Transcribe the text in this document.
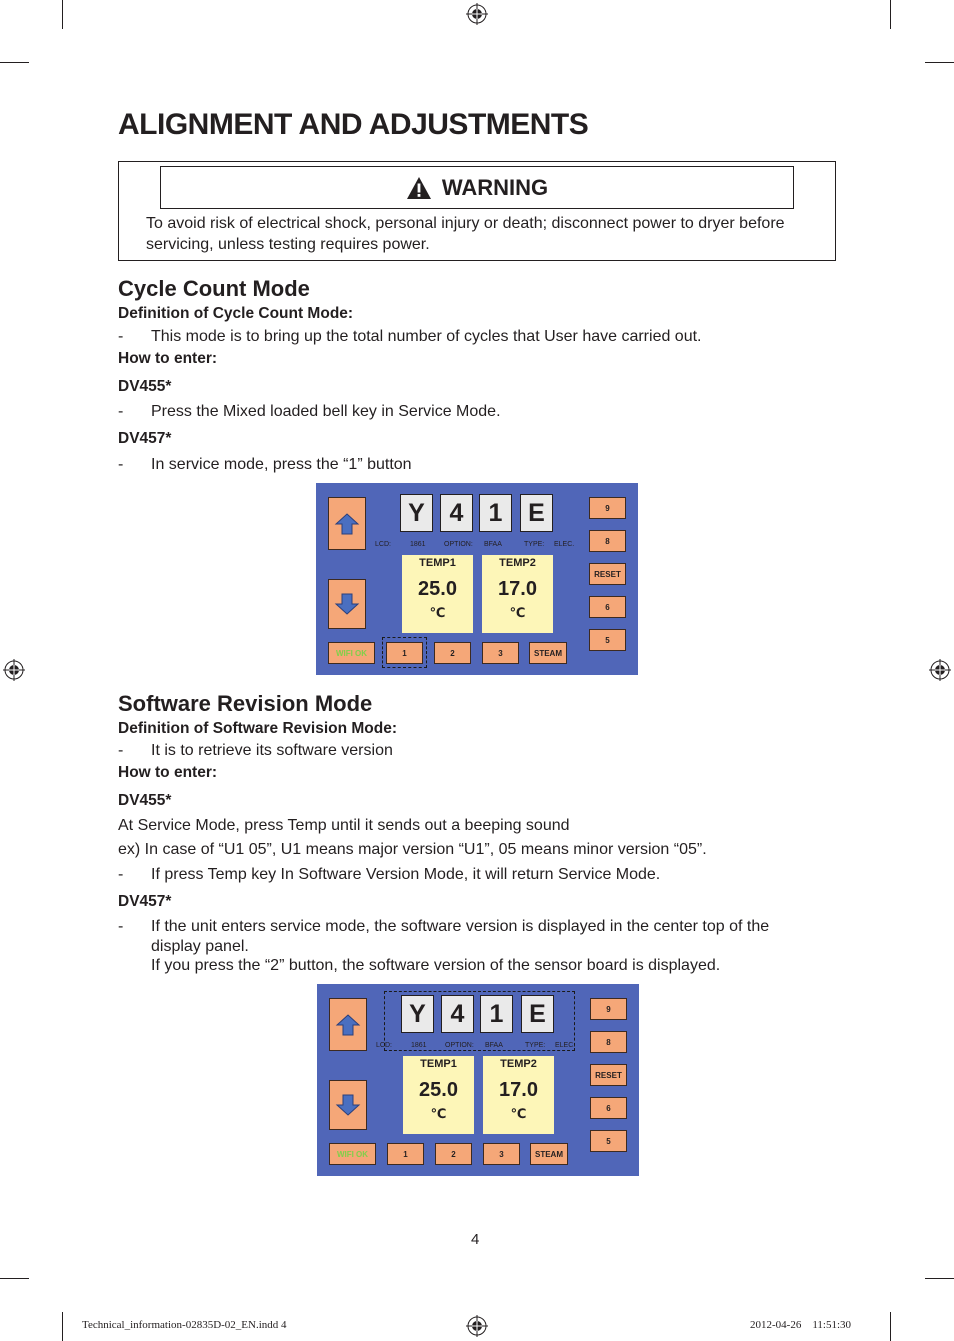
ALIGNMENT AND ADJUSTMENTS
WARNING
To avoid risk of electrical shock, personal injury or death; disconnect power to dryer before
servicing, unless testing requires power.
Cycle Count Mode
Definition of Cycle Count Mode:
- This mode is to bring up the total number of cycles that User have carried out.
How to enter:
DV455*
- Press the Mixed loaded bell key in Service Mode.
DV457*
- In service mode, press the “1” button
Y 4	1	E
LCD:	1861	OPTION: BFAA	TYPE: ELEC.
TEMP1
25.0
℃
TEMP2
17.0
℃
9
8
RESET
6
5
WIFI OK	1	2	3	STEAM
Software Revision Mode
Definition of Software Revision Mode:
- It is to retrieve its software version
How to enter:
DV455*
At Service Mode, press Temp until it sends out a beeping sound
ex) In case of “U1 05”, U1 means major version “U1”, 05 means minor version “05”.
- If press Temp key In Software Version Mode, it will return Service Mode.
DV457*
- If the unit enters service mode, the software version is displayed in the center top of the
display panel.
If you press the “2” button, the software version of the sensor board is displayed.
Y 4	1	E
LCD:	1861	OPTION: BFAA	TYPE: ELEC.
TEMP1
25.0
℃
TEMP2
17.0
℃
9
8
RESET
6
5
WIFI OK	1	2	3	STEAM
4
Technical_information-02835D-02_EN.indd 4	2012-04-26    11:51:30
